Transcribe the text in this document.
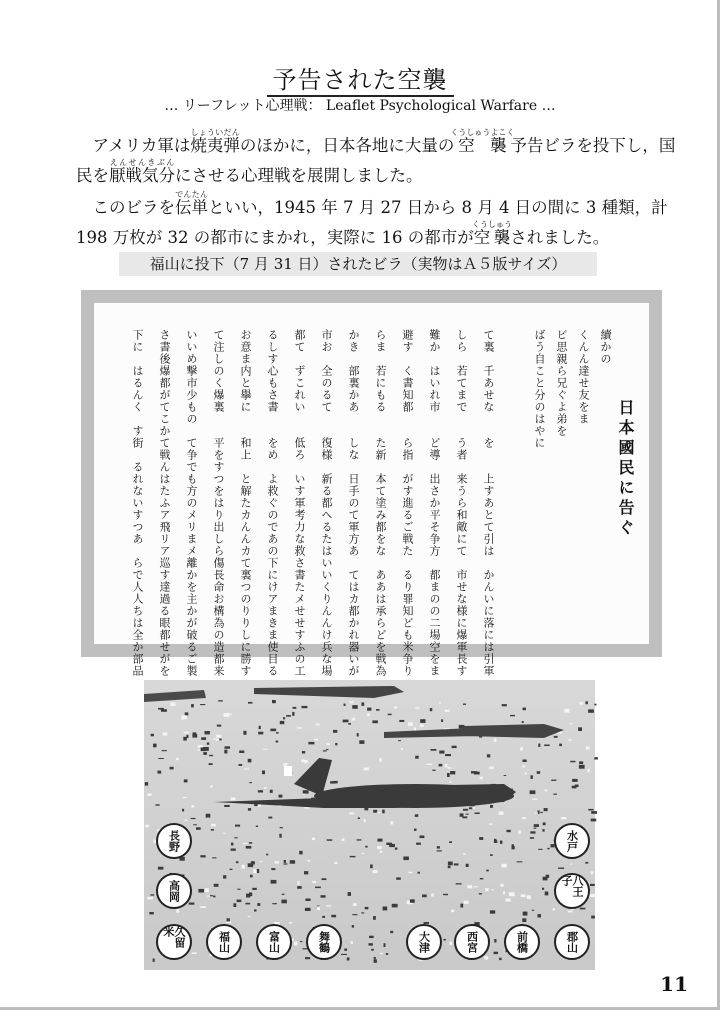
予告された空襲
… リーフレット心理戦： Leaflet Psychological Warfare …

　アメリカ軍は焼夷弾しょういだんのほかに，日本各地に大量の空襲くうしゅうよこく予告ビラを投下し，国民を厭戦気分えんせんきぶんにさせる心理戦を展開しました。

　このビラを伝単でんたんといい，1945 年 7 月 27 日から 8 月 4 日の間に 3 種類，計 198 万枚が 32 の都市にまかれ，実際に 16 の都市が空襲くうしゅうされました。

福山に投下（7 月 31 日）されたビラ（実物はＡ５版サイズ）
下に　はるんく　す街　るれないすつあ　らで人人ちは全か部品 さ書後爆都がてこかて戦んはたふア飛リア巡す達過る眼都せがを いいめ撃市少もの　て争でも方のメリまメ離かを主かが破るご製 て注しのく爆裏　　平をすつをはり出しら傷長命お構為の造都来 お意ま内と擧に　　和上　と解たカんんカて裏つのりりしに勝す るしす心もさ書　　をめ　よ救ぐのであの下にけアまきま使目る 都て　ずこれい　　低ろ　いす軍考力な救さ書たメせせすふの工 市お　全のるて　　復様　新る都へるたはいいくりんんけ兵な場 かき　部裏かあ　　しな　日手のて軍方あ　てはカ都かれ器いが らま　若にもる　　た新　本て塗み都をな　ああは承らどを戦為 避す　く書知都　　ら指　がす進るご戦た　るり罪知ども米争り 難か　はいれ市　　ど導　出さか平そ争方　都まのの二場空をま しら　若てまで　　う者　来うら和敵にて　市せな様に爆軍長す て裏　千あせな　　を　　上すあとて引は　かんいに落には引軍	ばう自こと分のはやに ビ思親ら兄ぐよ弟を くんん達せ友をま 續かの
日本國民に告ぐ
長野
高岡
久留米	福山	富山	舞鶴	大津	西宮	前橋
水戸
八王子
郡山
11
